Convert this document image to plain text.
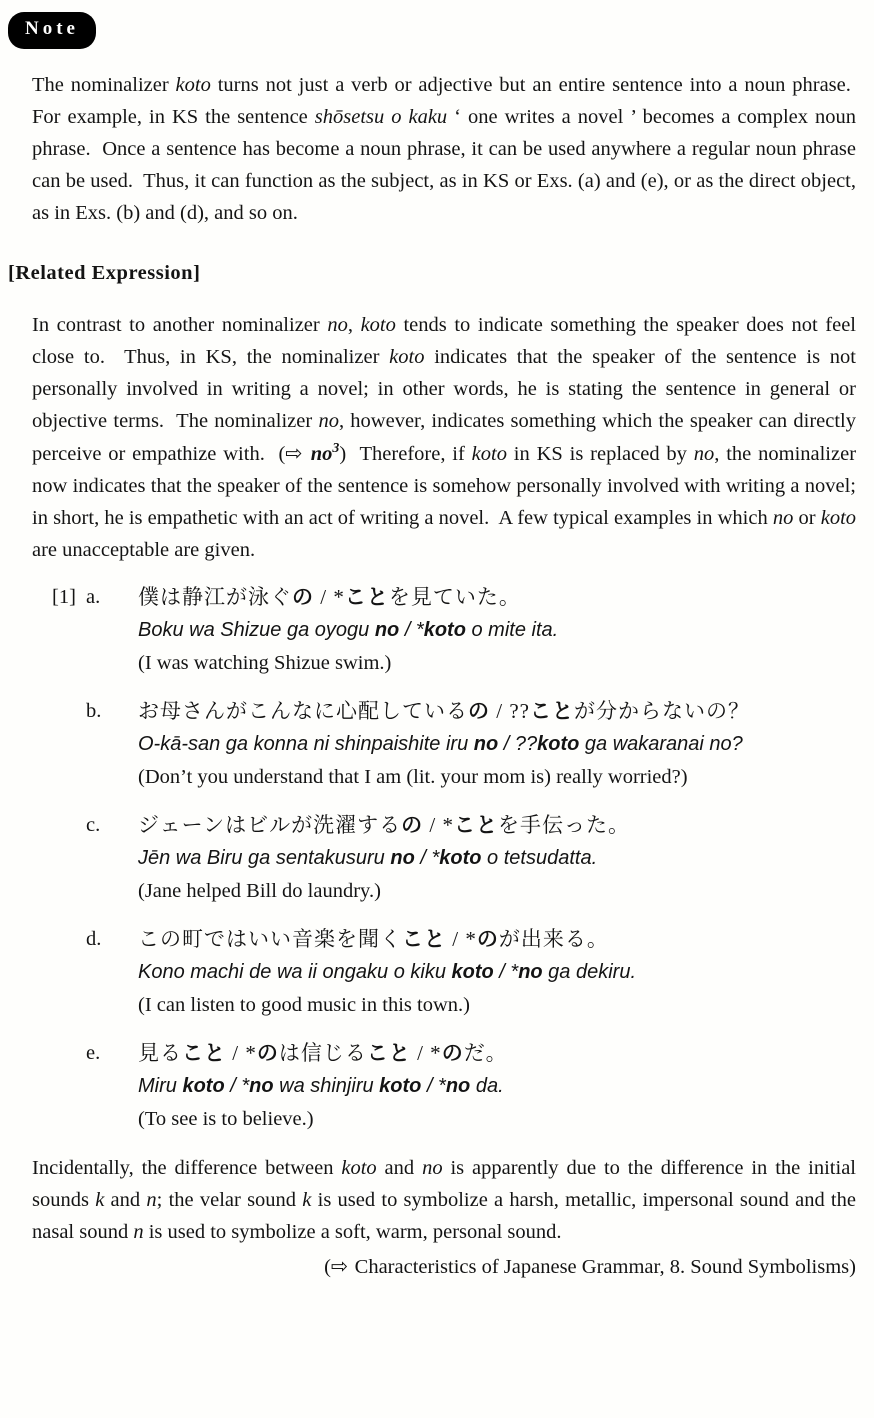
Note

The nominalizer koto turns not just a verb or adjective but an entire sentence into a noun phrase.  For example, in KS the sentence shōsetsu o kaku ‘ one writes a novel ’ becomes a complex noun phrase.  Once a sentence has become a noun phrase, it can be used anywhere a regular noun phrase can be used.  Thus, it can function as the subject, as in KS or Exs. (a) and (e), or as the direct object, as in Exs. (b) and (d), and so on.

[Related Expression]

In contrast to another nominalizer no, koto tends to indicate something the speaker does not feel close to.  Thus, in KS, the nominalizer koto indicates that the speaker of the sentence is not personally involved in writing a novel; in other words, he is stating the sentence in general or objective terms.  The nominalizer no, however, indicates something which the speaker can directly perceive or empathize with.  (⇨ $no^3$)  Therefore, if koto in KS is replaced by no, the nominalizer now indicates that the speaker of the sentence is somehow personally involved with writing a novel; in short, he is empathetic with an act of writing a novel.  A few typical examples in which no or koto are unacceptable are given.

[1] a.	僕は静江が泳ぐの / *ことを見ていた。
Boku wa Shizue ga oyogu no / *koto o mite ita.
(I was watching Shizue swim.)
b.	お母さんがこんなに心配しているの / ??ことが分からないの？
O-kā-san ga konna ni shinpaishite iru no / ??koto ga wakaranai no?
(Don’t you understand that I am (lit. your mom is) really worried?)
c.	ジェーンはビルが洗濯するの / *ことを手伝った。
Jēn wa Biru ga sentakusuru no / *koto o tetsudatta.
(Jane helped Bill do laundry.)
d.	この町ではいい音楽を聞くこと / *のが出来る。
Kono machi de wa ii ongaku o kiku koto / *no ga dekiru.
(I can listen to good music in this town.)
e.	見ること / *のは信じること / *のだ。
Miru koto / *no wa shinjiru koto / *no da.
(To see is to believe.)

Incidentally, the difference between koto and no is apparently due to the difference in the initial sounds k and n; the velar sound k is used to symbolize a harsh, metallic, impersonal sound and the nasal sound n is used to symbolize a soft, warm, personal sound.

(⇨ Characteristics of Japanese Grammar, 8. Sound Symbolisms)
